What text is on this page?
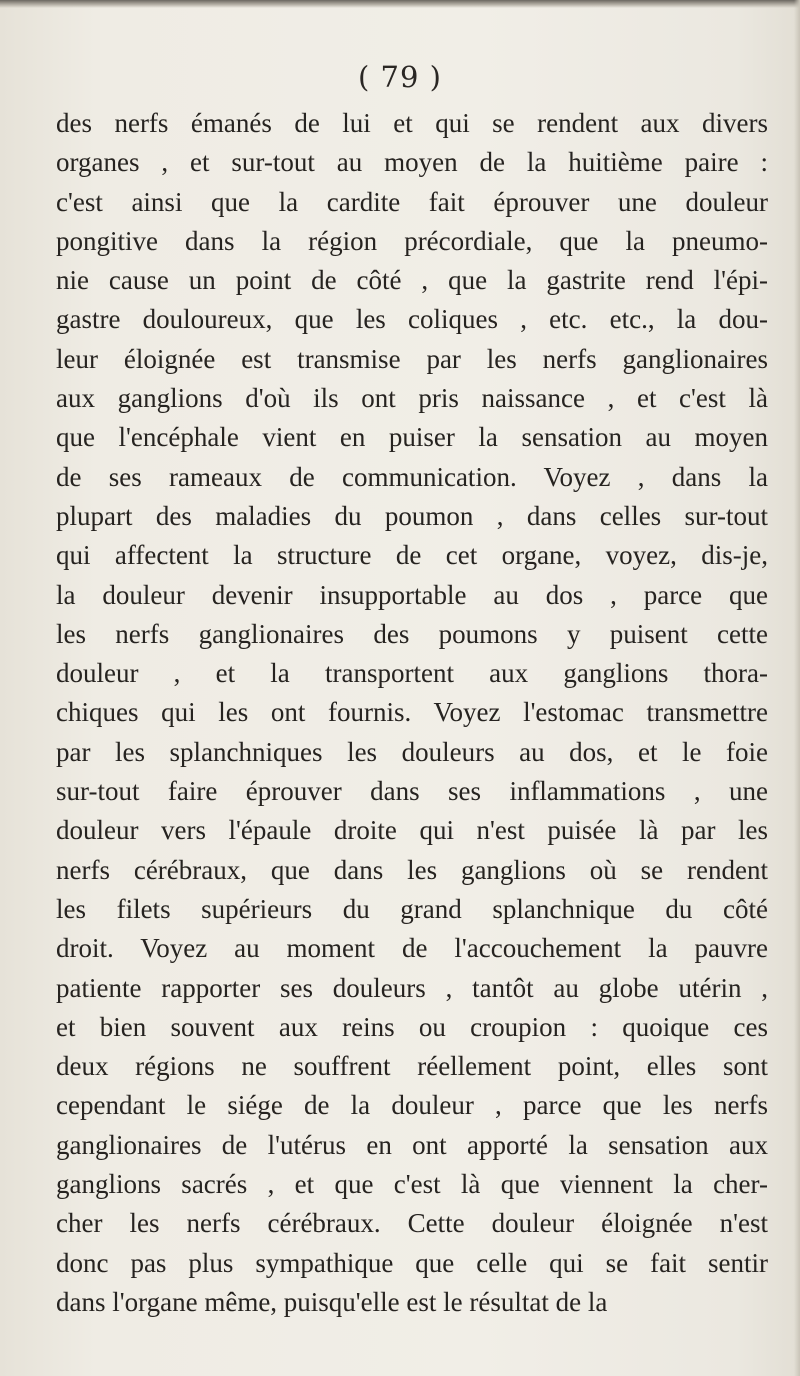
( 79 )
des nerfs émanés de lui et qui se rendent aux divers
organes , et sur-tout au moyen de la huitième paire :
c'est ainsi que la cardite fait éprouver une douleur
pongitive dans la région précordiale, que la pneumo-
nie cause un point de côté , que la gastrite rend l'épi-
gastre douloureux, que les coliques , etc. etc., la dou-
leur éloignée est transmise par les nerfs ganglionaires
aux ganglions d'où ils ont pris naissance , et c'est là
que l'encéphale vient en puiser la sensation au moyen
de ses rameaux de communication. Voyez , dans la
plupart des maladies du poumon , dans celles sur-tout
qui affectent la structure de cet organe, voyez, dis-je,
la douleur devenir insupportable au dos , parce que
les nerfs ganglionaires des poumons y puisent cette
douleur , et la transportent aux ganglions thora-
chiques qui les ont fournis. Voyez l'estomac transmettre
par les splanchniques les douleurs au dos, et le foie
sur-tout faire éprouver dans ses inflammations , une
douleur vers l'épaule droite qui n'est puisée là par les
nerfs cérébraux, que dans les ganglions où se rendent
les filets supérieurs du grand splanchnique du côté
droit. Voyez au moment de l'accouchement la pauvre
patiente rapporter ses douleurs , tantôt au globe utérin ,
et bien souvent aux reins ou croupion : quoique ces
deux régions ne souffrent réellement point, elles sont
cependant le siége de la douleur , parce que les nerfs
ganglionaires de l'utérus en ont apporté la sensation aux
ganglions sacrés , et que c'est là que viennent la cher-
cher les nerfs cérébraux. Cette douleur éloignée n'est
donc pas plus sympathique que celle qui se fait sentir
dans l'organe même, puisqu'elle est le résultat de la
